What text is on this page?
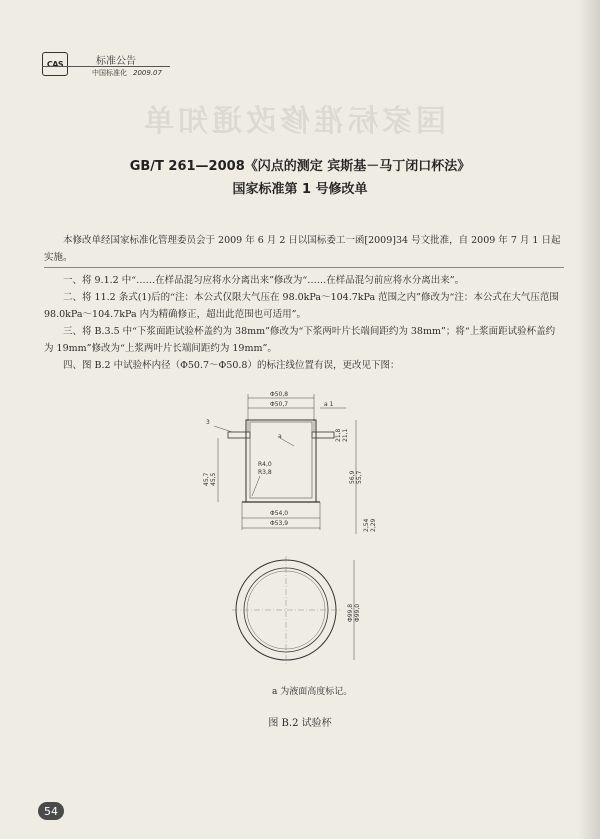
CAS	标准公告
中国标准化 2009.07
国家标准修改通知单
GB/T 261—2008《闪点的测定 宾斯基－马丁闭口杯法》
国家标准第 1 号修改单

本修改单经国家标准化管理委员会于 2009 年 6 月 2 日以国标委工一函[2009]34 号文批准，自 2009 年 7 月 1 日起实施。

一、将 9.1.2 中“……在样品混匀应将水分离出来”修改为“……在样品混匀前应将水分离出来”。

二、将 11.2 条式(1)后的“注：本公式仅限大气压在 98.0kPa～104.7kPa 范围之内”修改为“注：本公式在大气压范围 98.0kPa～104.7kPa 内为精确修正，超出此范围也可适用”。

三、将 B.3.5 中“下浆面距试验杯盖约为 38mm”修改为“下浆两叶片长端间距约为 38mm”；将“上浆面距试验杯盖约为 19mm”修改为“上浆两叶片长端间距约为 19mm”。

四、图 B.2 中试验杯内径（Φ50.7～Φ50.8）的标注线位置有误，更改见下图：

Φ50,8
Φ50,7	a 1
3
a	21,8 21,1
R4,0
R3,8
45,7 45,5	56,9 55,7
Φ54,0
Φ53,9	2,54 2,29
Φ99,8 Φ99,0
a 为液面高度标记。
图 B.2 试验杯
54
